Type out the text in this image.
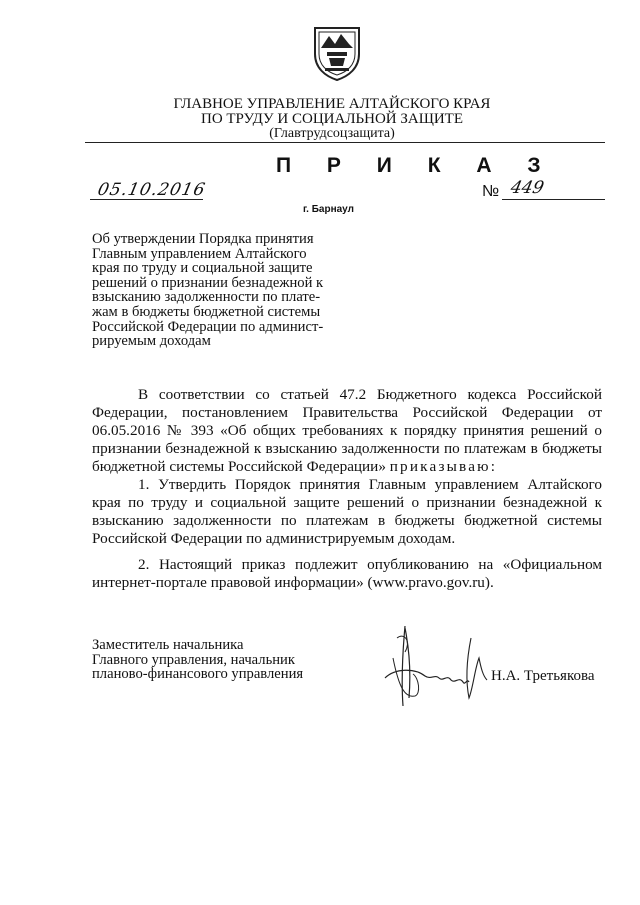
ГЛАВНОЕ УПРАВЛЕНИЕ АЛТАЙСКОГО КРАЯ
ПО ТРУДУ И СОЦИАЛЬНОЙ ЗАЩИТЕ
(Главтрудсоцзащита)
П Р И К А З
05.10.2016
г. Барнаул
№ 449
Об утверждении Порядка принятия
Главным управлением Алтайского
края по труду и социальной защите
решений о признании безнадежной к
взысканию задолженности по плате-
жам в бюджеты бюджетной системы
Российской Федерации по админист-
рируемым доходам

В соответствии со статьей 47.2 Бюджетного кодекса Российской Федерации, постановлением Правительства Российской Федерации от 06.05.2016 № 393 «Об общих требованиях к порядку принятия решений о признании безнадежной к взысканию задолженности по платежам в бюджеты бюджетной системы Российской Федерации» приказываю:

1. Утвердить Порядок принятия Главным управлением Алтайского края по труду и социальной защите решений о признании безнадежной к взысканию задолженности по платежам в бюджеты бюджетной системы Российской Федерации по администрируемым доходам.

2. Настоящий приказ подлежит опубликованию на «Официальном интернет-портале правовой информации» (www.pravo.gov.ru).

Заместитель начальника
Главного управления, начальник
планово-финансового управления	Н.А. Третьякова
